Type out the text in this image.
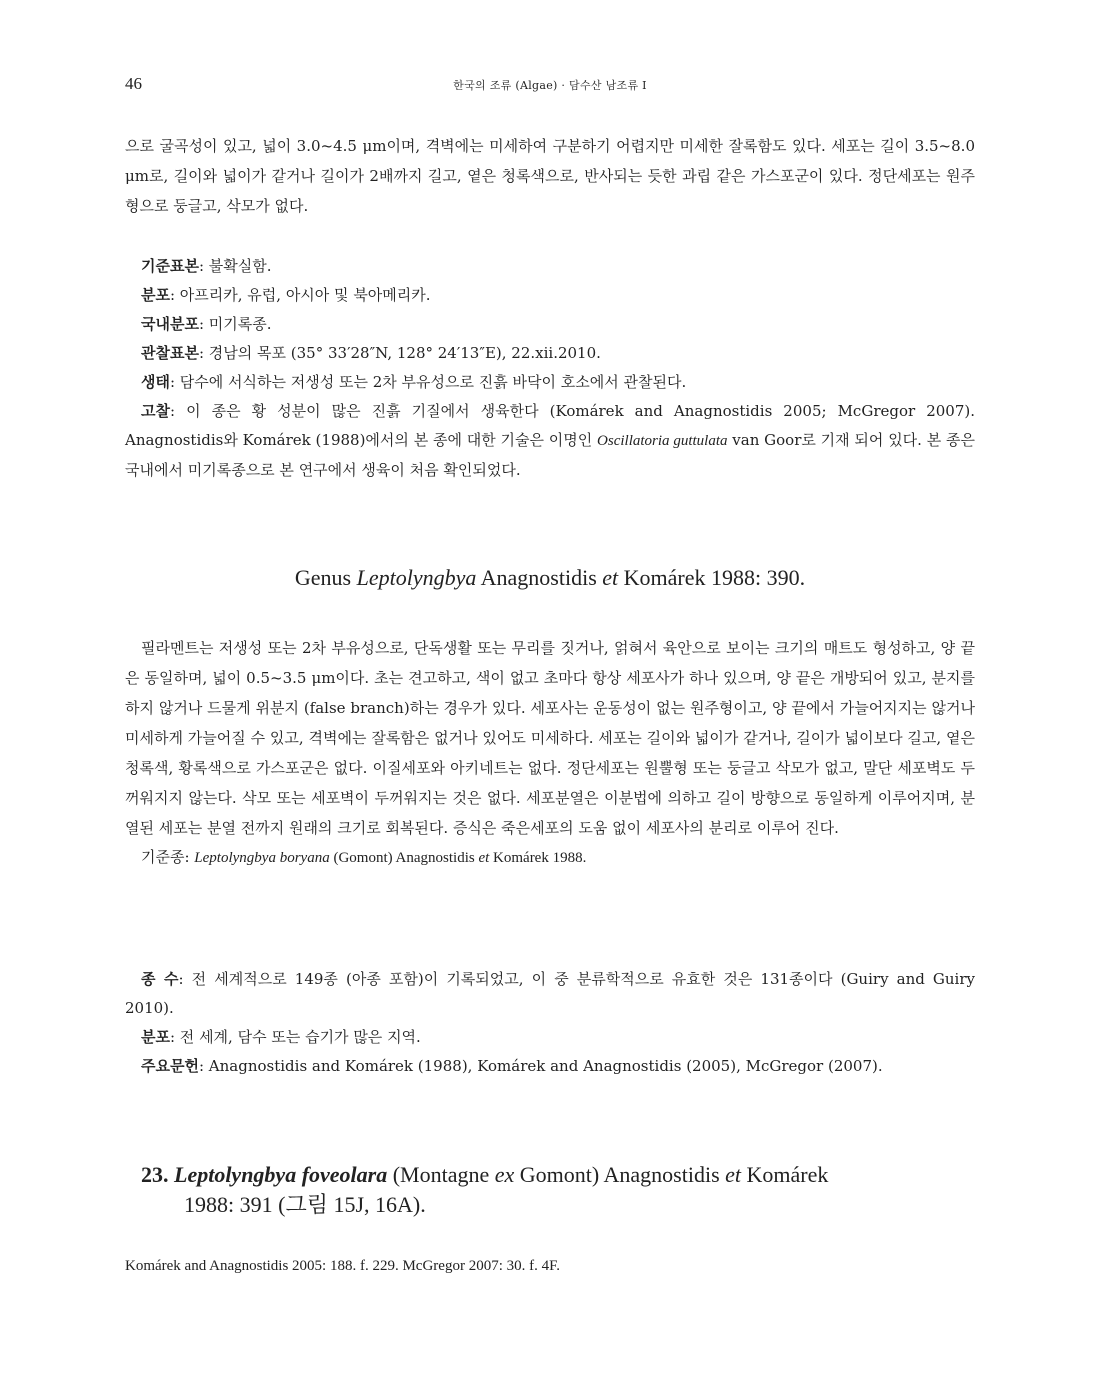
46	한국의 조류 (Algae) · 담수산 남조류 I

으로 굴곡성이 있고, 넓이 3.0~4.5 μm이며, 격벽에는 미세하여 구분하기 어렵지만 미세한 잘록함도 있다. 세포는 길이 3.5~8.0 μm로, 길이와 넓이가 같거나 길이가 2배까지 길고, 옅은 청록색으로, 반사되는 듯한 과립 같은 가스포군이 있다. 정단세포는 원주형으로 둥글고, 삭모가 없다.

기준표본: 불확실함.

분포: 아프리카, 유럽, 아시아 및 북아메리카.

국내분포: 미기록종.

관찰표본: 경남의 목포 (35° 33′28″N, 128° 24′13″E), 22.xii.2010.

생태: 담수에 서식하는 저생성 또는 2차 부유성으로 진흙 바닥이 호소에서 관찰된다.

고찰: 이 종은 황 성분이 많은 진흙 기질에서 생육한다 (Komárek and Anagnostidis 2005; McGregor 2007). Anagnostidis와 Komárek (1988)에서의 본 종에 대한 기술은 이명인 Oscillatoria guttulata van Goor로 기재 되어 있다. 본 종은 국내에서 미기록종으로 본 연구에서 생육이 처음 확인되었다.

Genus Leptolyngbya Anagnostidis et Komárek 1988: 390.

필라멘트는 저생성 또는 2차 부유성으로, 단독생활 또는 무리를 짓거나, 얽혀서 육안으로 보이는 크기의 매트도 형성하고, 양 끝은 동일하며, 넓이 0.5~3.5 μm이다. 초는 견고하고, 색이 없고 초마다 항상 세포사가 하나 있으며, 양 끝은 개방되어 있고, 분지를 하지 않거나 드물게 위분지 (false branch)하는 경우가 있다. 세포사는 운동성이 없는 원주형이고, 양 끝에서 가늘어지지는 않거나 미세하게 가늘어질 수 있고, 격벽에는 잘록함은 없거나 있어도 미세하다. 세포는 길이와 넓이가 같거나, 길이가 넓이보다 길고, 옅은 청록색, 황록색으로 가스포군은 없다. 이질세포와 아키네트는 없다. 정단세포는 원뿔형 또는 둥글고 삭모가 없고, 말단 세포벽도 두꺼워지지 않는다. 삭모 또는 세포벽이 두꺼워지는 것은 없다. 세포분열은 이분법에 의하고 길이 방향으로 동일하게 이루어지며, 분열된 세포는 분열 전까지 원래의 크기로 회복된다. 증식은 죽은세포의 도움 없이 세포사의 분리로 이루어 진다.

기준종: Leptolyngbya boryana (Gomont) Anagnostidis et Komárek 1988.

종 수: 전 세계적으로 149종 (아종 포함)이 기록되었고, 이 중 분류학적으로 유효한 것은 131종이다 (Guiry and Guiry 2010).

분포: 전 세계, 담수 또는 습기가 많은 지역.

주요문헌: Anagnostidis and Komárek (1988), Komárek and Anagnostidis (2005), McGregor (2007).

23. Leptolyngbya foveolara (Montagne ex Gomont) Anagnostidis et Komárek
1988: 391 (그림 15J, 16A).
Komárek and Anagnostidis 2005: 188. f. 229. McGregor 2007: 30. f. 4F.
